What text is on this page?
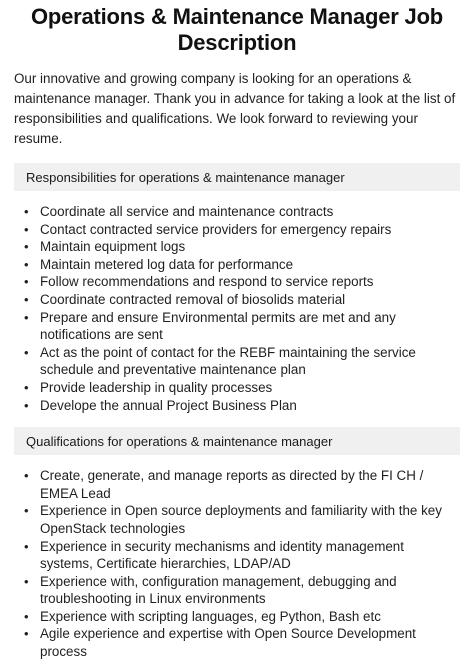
Operations & Maintenance Manager Job Description

Our innovative and growing company is looking for an operations & maintenance manager. Thank you in advance for taking a look at the list of responsibilities and qualifications. We look forward to reviewing your resume.

Responsibilities for operations & maintenance manager
• Coordinate all service and maintenance contracts
• Contact contracted service providers for emergency repairs
• Maintain equipment logs
• Maintain metered log data for performance
• Follow recommendations and respond to service reports
• Coordinate contracted removal of biosolids material
• Prepare and ensure Environmental permits are met and any notifications are sent
• Act as the point of contact for the REBF maintaining the service schedule and preventative maintenance plan
• Provide leadership in quality processes
• Develope the annual Project Business Plan
Qualifications for operations & maintenance manager
• Create, generate, and manage reports as directed by the FI CH / EMEA Lead
• Experience in Open source deployments and familiarity with the key OpenStack technologies
• Experience in security mechanisms and identity management systems, Certificate hierarchies, LDAP/AD
• Experience with, configuration management, debugging and troubleshooting in Linux environments
• Experience with scripting languages, eg Python, Bash etc
• Agile experience and expertise with Open Source Development process
